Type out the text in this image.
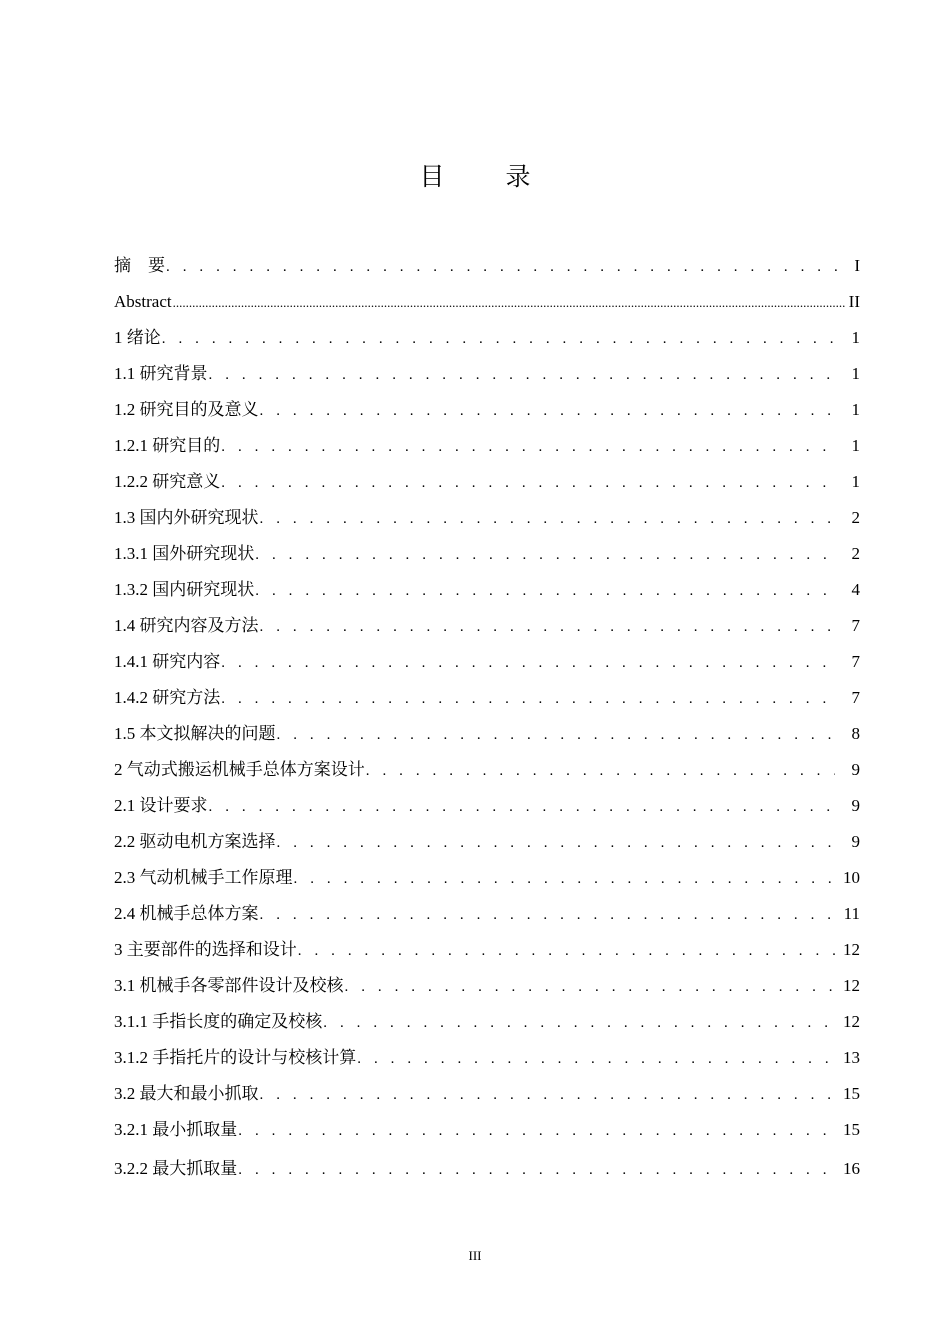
目　录
摘　要 . . .	I
Abstract .....	II
1 绪论 . . .	1
1.1 研究背景 . . .	1
1.2 研究目的及意义 . . .	1
1.2.1 研究目的 . . .	1
1.2.2 研究意义 . . .	1
1.3 国内外研究现状 . . .	2
1.3.1 国外研究现状 . . .	2
1.3.2 国内研究现状 . . .	4
1.4 研究内容及方法 . . .	7
1.4.1 研究内容 . . .	7
1.4.2 研究方法 . . .	7
1.5 本文拟解决的问题 . . .	8
2 气动式搬运机械手总体方案设计 . . .	9
2.1 设计要求 . . .	9
2.2 驱动电机方案选择 . . .	9
2.3 气动机械手工作原理 . . .	10
2.4 机械手总体方案 . . .	11
3 主要部件的选择和设计 . . .	12
3.1 机械手各零部件设计及校核 . . .	12
3.1.1 手指长度的确定及校核 . . .	12
3.1.2 手指托片的设计与校核计算 . . .	13
3.2 最大和最小抓取 . . .	15
3.2.1 最小抓取量 . . .	15
3.2.2 最大抓取量 . . .	16
III
